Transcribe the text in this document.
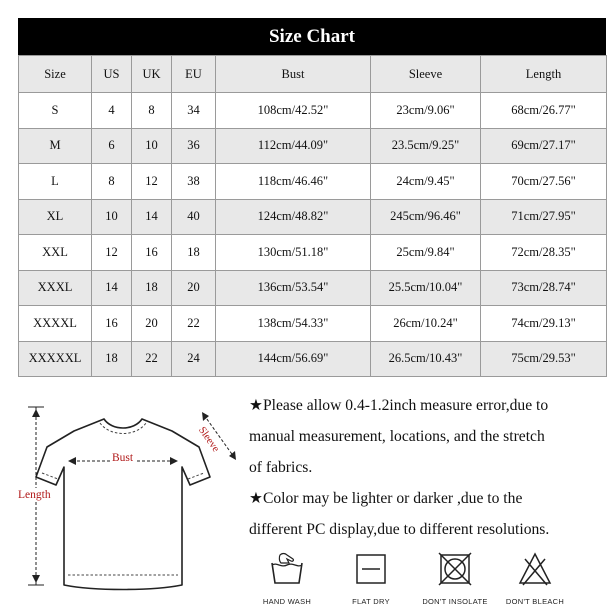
Size Chart
Size	US	UK	EU	Bust	Sleeve	Length
S	4	8	34	108cm/42.52"	23cm/9.06"	68cm/26.77"
M	6	10	36	112cm/44.09"	23.5cm/9.25"	69cm/27.17"
L	8	12	38	118cm/46.46"	24cm/9.45"	70cm/27.56"
XL	10	14	40	124cm/48.82"	245cm/96.46"	71cm/27.95"
XXL	12	16	18	130cm/51.18"	25cm/9.84"	72cm/28.35"
XXXL	14	18	20	136cm/53.54"	25.5cm/10.04"	73cm/28.74"
XXXXL	16	20	22	138cm/54.33"	26cm/10.24"	74cm/29.13"
XXXXXL	18	22	24	144cm/56.69"	26.5cm/10.43"	75cm/29.53"
Bust
Length
Sleeve

★Please allow 0.4-1.2inch measure error,due to

manual measurement, locations, and the stretch

of fabrics.

★Color may be lighter or darker ,due to the

different PC display,due to different resolutions.

HAND WASH	FLAT DRY	DON'T INSOLATE	DON'T BLEACH
